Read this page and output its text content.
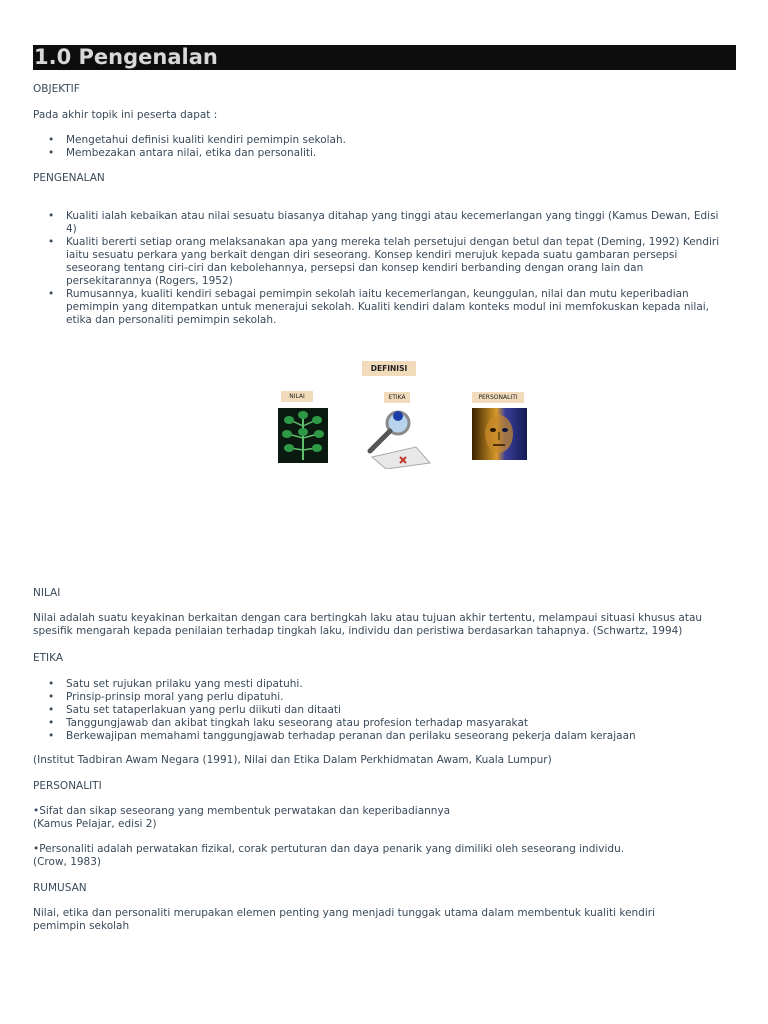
1.0 Pengenalan
OBJEKTIF
Pada akhir topik ini peserta dapat :
• Mengetahui definisi kualiti kendiri pemimpin sekolah.
• Membezakan antara nilai, etika dan personaliti.
PENGENALAN
• Kualiti ialah kebaikan atau nilai sesuatu biasanya ditahap yang tinggi atau kecemerlangan yang tinggi (Kamus Dewan, Edisi 4)
• Kualiti bererti setiap orang melaksanakan apa yang mereka telah persetujui dengan betul dan tepat (Deming, 1992) Kendiri iaitu sesuatu perkara yang berkait dengan diri seseorang. Konsep kendiri merujuk kepada suatu gambaran persepsi seseorang tentang ciri-ciri dan kebolehannya, persepsi dan konsep kendiri berbanding dengan orang lain dan persekitarannya (Rogers, 1952)
• Rumusannya, kualiti kendiri sebagai pemimpin sekolah iaitu kecemerlangan, keunggulan, nilai dan mutu keperibadian pemimpin yang ditempatkan untuk menerajui sekolah. Kualiti kendiri dalam konteks modul ini memfokuskan kepada nilai, etika dan personaliti pemimpin sekolah.
DEFINISI
NILAI	ETIKA	PERSONALITI
NILAI
Nilai adalah suatu keyakinan berkaitan dengan cara bertingkah laku atau tujuan akhir tertentu, melampaui situasi khusus atau spesifik mengarah kepada penilaian terhadap tingkah laku, individu dan peristiwa berdasarkan tahapnya. (Schwartz, 1994)
ETIKA
• Satu set rujukan prilaku yang mesti dipatuhi.
• Prinsip-prinsip moral yang perlu dipatuhi.
• Satu set tataperlakuan yang perlu diikuti dan ditaati
• Tanggungjawab dan akibat tingkah laku seseorang atau profesion terhadap masyarakat
• Berkewajipan memahami tanggungjawab terhadap peranan dan perilaku seseorang pekerja dalam kerajaan
(Institut Tadbiran Awam Negara (1991), Nilai dan Etika Dalam Perkhidmatan Awam, Kuala Lumpur)
PERSONALITI
•Sifat dan sikap seseorang yang membentuk perwatakan dan keperibadiannya
(Kamus Pelajar, edisi 2)
•Personaliti adalah perwatakan fizikal, corak pertuturan dan daya penarik yang dimiliki oleh seseorang individu.
(Crow, 1983)
RUMUSAN
Nilai, etika dan personaliti merupakan elemen penting yang menjadi tunggak utama dalam membentuk kualiti kendiri pemimpin sekolah
